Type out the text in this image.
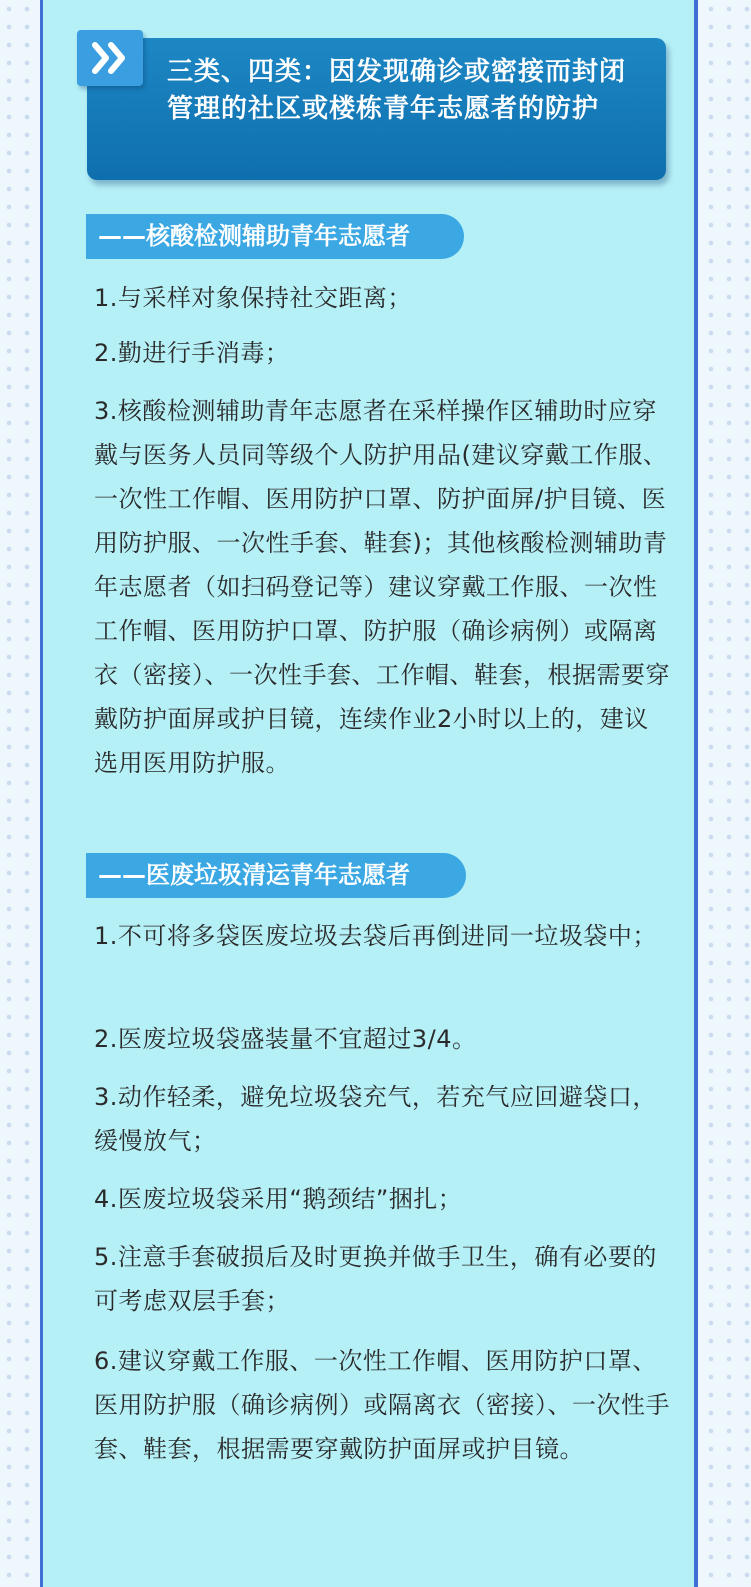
三类、四类：因发现确诊或密接而封闭管理的社区或楼栋青年志愿者的防护
——核酸检测辅助青年志愿者

1.与采样对象保持社交距离；

2.勤进行手消毒；

3.核酸检测辅助青年志愿者在采样操作区辅助时应穿戴与医务人员同等级个人防护用品(建议穿戴工作服、一次性工作帽、医用防护口罩、防护面屏/护目镜、医用防护服、一次性手套、鞋套)；其他核酸检测辅助青年志愿者（如扫码登记等）建议穿戴工作服、一次性工作帽、医用防护口罩、防护服（确诊病例）或隔离衣（密接）、一次性手套、工作帽、鞋套，根据需要穿戴防护面屏或护目镜，连续作业2小时以上的，建议选用医用防护服。

——医废垃圾清运青年志愿者

1.不可将多袋医废垃圾去袋后再倒进同一垃圾袋中；

2.医废垃圾袋盛装量不宜超过3/4。

3.动作轻柔，避免垃圾袋充气，若充气应回避袋口，缓慢放气；

4.医废垃圾袋采用“鹅颈结”捆扎；

5.注意手套破损后及时更换并做手卫生，确有必要的可考虑双层手套；

6.建议穿戴工作服、一次性工作帽、医用防护口罩、医用防护服（确诊病例）或隔离衣（密接）、一次性手套、鞋套，根据需要穿戴防护面屏或护目镜。
